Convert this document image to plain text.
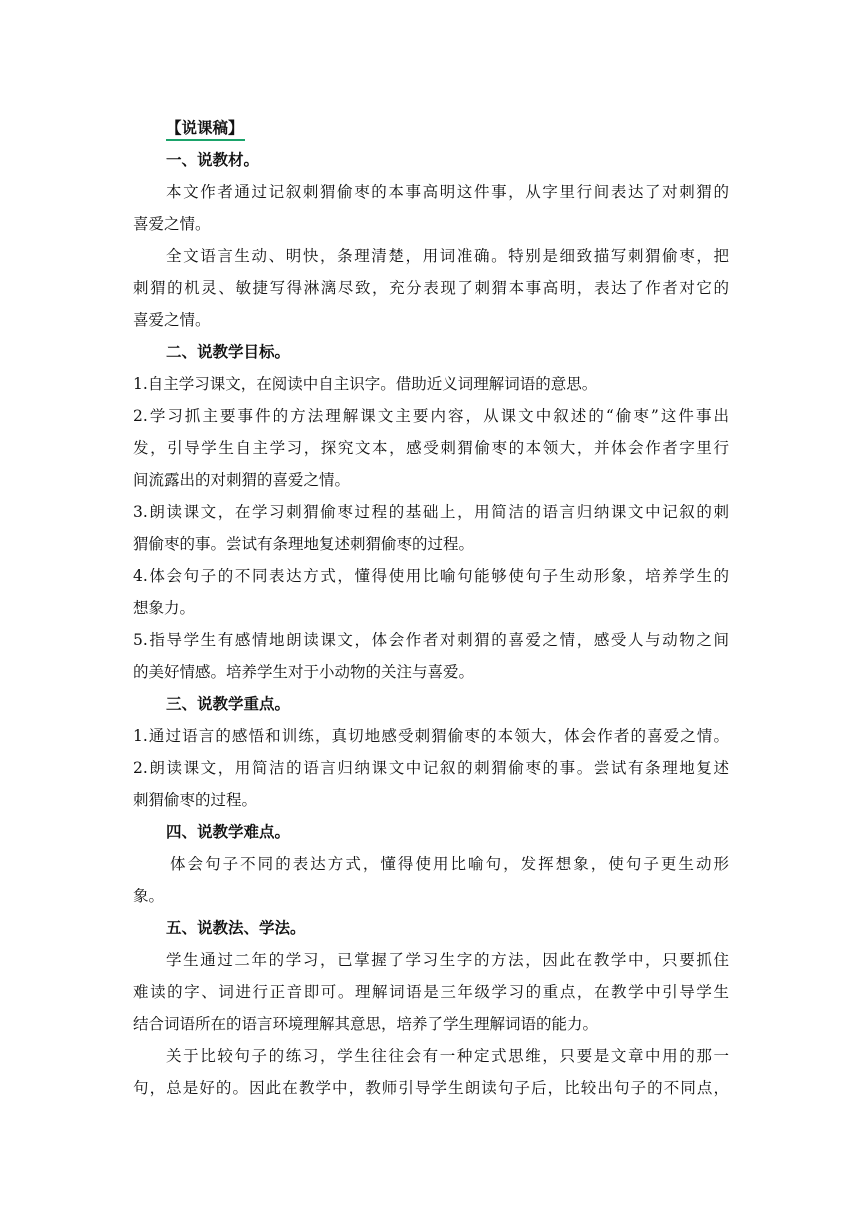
【说课稿】
一、说教材。
本文作者通过记叙刺猬偷枣的本事高明这件事，从字里行间表达了对刺猬的
喜爱之情。
全文语言生动、明快，条理清楚，用词准确。特别是细致描写刺猬偷枣，把
刺猬的机灵、敏捷写得淋漓尽致，充分表现了刺猬本事高明，表达了作者对它的
喜爱之情。
二、说教学目标。
1.自主学习课文，在阅读中自主识字。借助近义词理解词语的意思。
2.学习抓主要事件的方法理解课文主要内容，从课文中叙述的“偷枣”这件事出
发，引导学生自主学习，探究文本，感受刺猬偷枣的本领大，并体会作者字里行
间流露出的对刺猬的喜爱之情。
3.朗读课文，在学习刺猬偷枣过程的基础上，用简洁的语言归纳课文中记叙的刺
猬偷枣的事。尝试有条理地复述刺猬偷枣的过程。
4.体会句子的不同表达方式，懂得使用比喻句能够使句子生动形象，培养学生的
想象力。
5.指导学生有感情地朗读课文，体会作者对刺猬的喜爱之情，感受人与动物之间
的美好情感。培养学生对于小动物的关注与喜爱。
三、说教学重点。
1.通过语言的感悟和训练，真切地感受刺猬偷枣的本领大，体会作者的喜爱之情。
2.朗读课文，用简洁的语言归纳课文中记叙的刺猬偷枣的事。尝试有条理地复述
刺猬偷枣的过程。
四、说教学难点。
体会句子不同的表达方式，懂得使用比喻句，发挥想象，使句子更生动形
象。
五、说教法、学法。
学生通过二年的学习，已掌握了学习生字的方法，因此在教学中，只要抓住
难读的字、词进行正音即可。理解词语是三年级学习的重点，在教学中引导学生
结合词语所在的语言环境理解其意思，培养了学生理解词语的能力。
关于比较句子的练习，学生往往会有一种定式思维，只要是文章中用的那一
句，总是好的。因此在教学中，教师引导学生朗读句子后，比较出句子的不同点，
